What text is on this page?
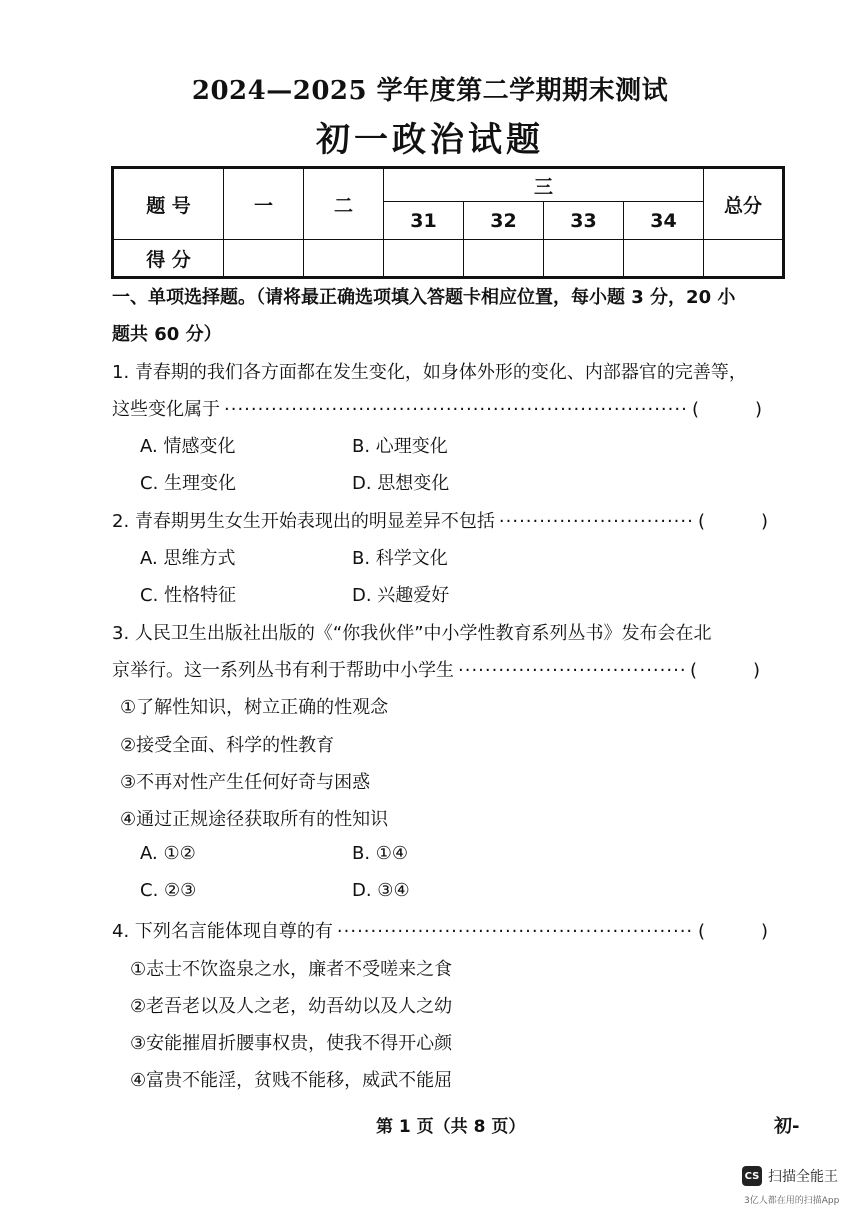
2024—2025 学年度第二学期期末测试
初一政治试题
题 号	一	二	三				总分
			31	32	33	34	
得 分							
一、单项选择题。（请将最正确选项填入答题卡相应位置，每小题 3 分，20 小
题共 60 分）
1. 青春期的我们各方面都在发生变化，如身体外形的变化、内部器官的完善等，
这些变化属于 ·····	(	)
A. 情感变化	B. 心理变化
C. 生理变化	D. 思想变化
2. 青春期男生女生开始表现出的明显差异不包括 ·····	(	)
A. 思维方式	B. 科学文化
C. 性格特征	D. 兴趣爱好
3. 人民卫生出版社出版的《“你我伙伴”中小学性教育系列丛书》发布会在北
京举行。这一系列丛书有利于帮助中小学生 ·····	(	)
①了解性知识，树立正确的性观念
②接受全面、科学的性教育
③不再对性产生任何好奇与困惑
④通过正规途径获取所有的性知识
A. ①②	B. ①④
C. ②③	D. ③④
4. 下列名言能体现自尊的有 ·····	(	)
①志士不饮盗泉之水，廉者不受嗟来之食
②老吾老以及人之老，幼吾幼以及人之幼
③安能摧眉折腰事权贵，使我不得开心颜
④富贵不能淫，贫贱不能移，威武不能屈
第 1 页（共 8 页）	初-
CS 扫描全能王
3亿人都在用的扫描App
